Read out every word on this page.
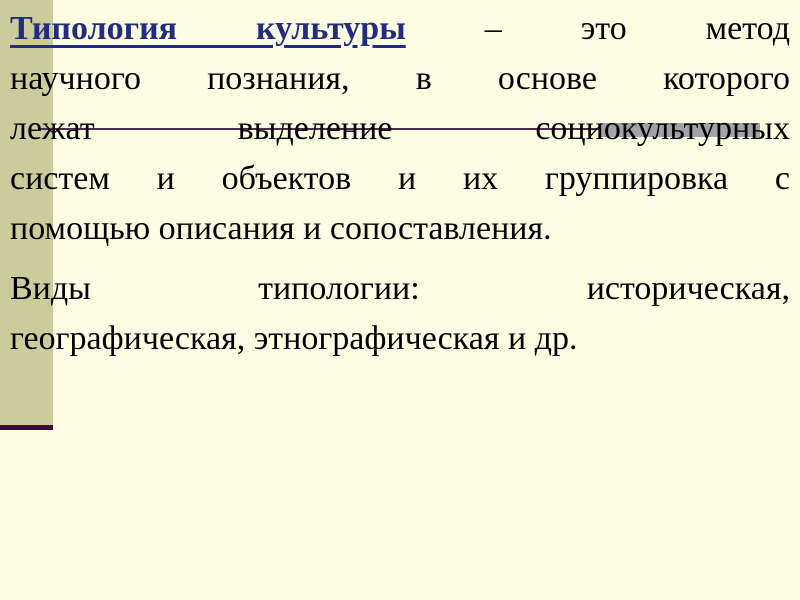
Типология культуры – это метод
научного познания, в основе которого
лежат выделение социокультурных
систем и объектов и их группировка с
помощью описания и сопоставления.
Виды типологии: историческая,
географическая, этнографическая и др.
